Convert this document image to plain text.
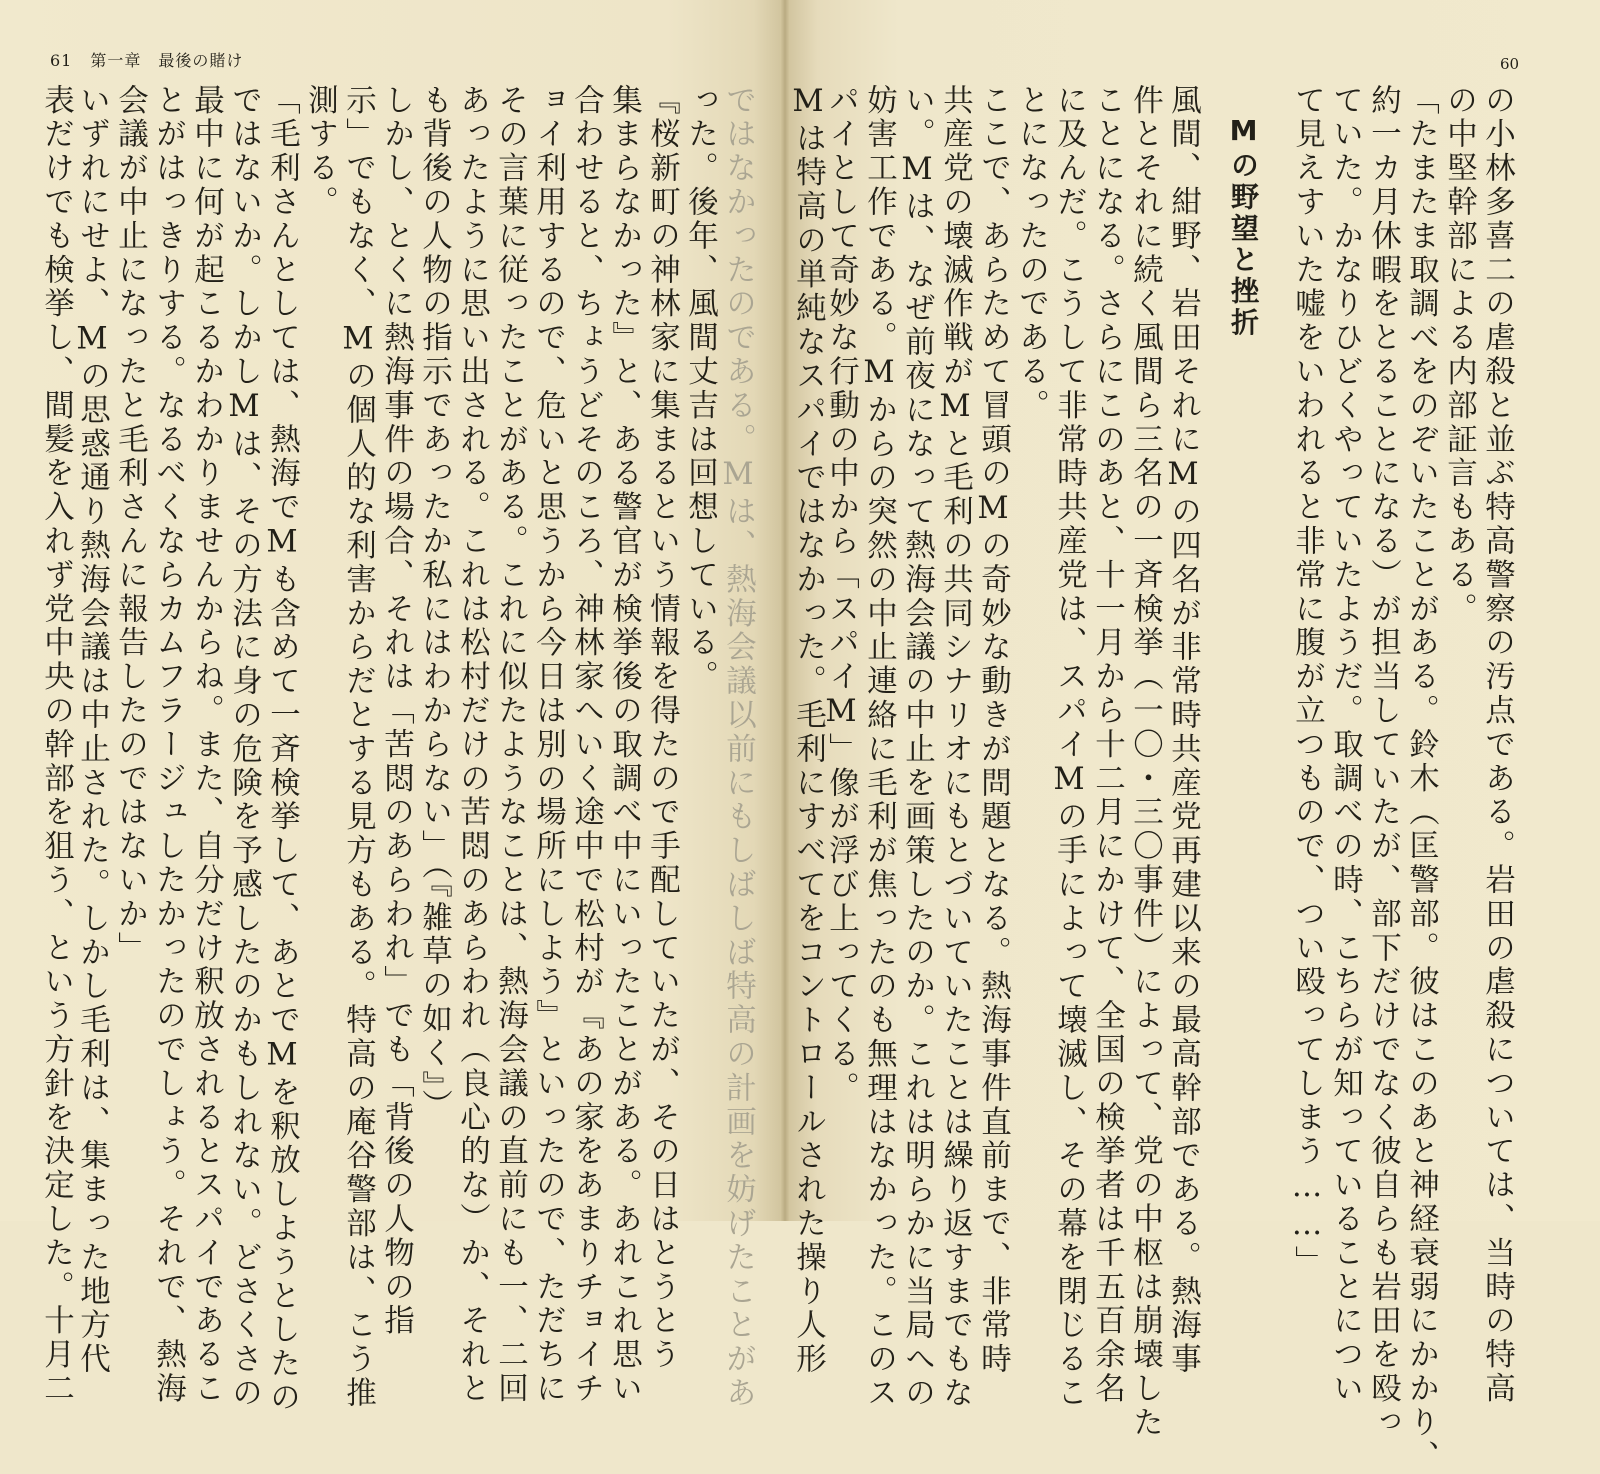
61 第一章　最後の賭け	60
の小林多喜二の虐殺と並ぶ特高警察の汚点である。岩田の虐殺については、当時の特高
の中堅幹部による内部証言もある。
「たまたま取調べをのぞいたことがある。鈴木（匡警部。彼はこのあと神経衰弱にかかり、
約一カ月休暇をとることになる）が担当していたが、部下だけでなく彼自らも岩田を殴っ
ていた。かなりひどくやっていたようだ。取調べの時、こちらが知っていることについ
て見えすいた嘘をいわれると非常に腹が立つもので、つい殴ってしまう……」
Mの野望と挫折
風間、紺野、岩田それにMの四名が非常時共産党再建以来の最高幹部である。熱海事
件とそれに続く風間ら三名の一斉検挙（一〇・三〇事件）によって、党の中枢は崩壊した
ことになる。さらにこのあと、十一月から十二月にかけて、全国の検挙者は千五百余名
に及んだ。こうして非常時共産党は、スパイMの手によって壊滅し、その幕を閉じるこ
とになったのである。
ここで、あらためて冒頭のMの奇妙な動きが問題となる。熱海事件直前まで、非常時
共産党の壊滅作戦がMと毛利の共同シナリオにもとづいていたことは繰り返すまでもな
い。Mは、なぜ前夜になって熱海会議の中止を画策したのか。これは明らかに当局への
妨害工作である。Mからの突然の中止連絡に毛利が焦ったのも無理はなかった。このス
パイとして奇妙な行動の中から「スパイM」像が浮び上ってくる。
Mは特高の単純なスパイではなかった。毛利にすべてをコントロールされた操り人形
ではなかったのである。Mは、熱海会議以前にもしばしば特高の計画を妨げたことがあ
った。後年、風間丈吉は回想している。
『桜新町の神林家に集まるという情報を得たので手配していたが、その日はとうとう
集まらなかった』と、ある警官が検挙後の取調べ中にいったことがある。あれこれ思い
合わせると、ちょうどそのころ、神林家へいく途中で松村が『あの家をあまりチョイチ
ョイ利用するので、危いと思うから今日は別の場所にしよう』といったので、ただちに
その言葉に従ったことがある。これに似たようなことは、熱海会議の直前にも一、二回
あったように思い出される。これは松村だけの苦悶のあらわれ（良心的な）か、それと
も背後の人物の指示であったか私にはわからない」（『雑草の如く』）
しかし、とくに熱海事件の場合、それは「苦悶のあらわれ」でも「背後の人物の指
示」でもなく、Mの個人的な利害からだとする見方もある。特高の庵谷警部は、こう推
測する。
「毛利さんとしては、熱海でMも含めて一斉検挙して、あとでMを釈放しようとしたの
ではないか。しかしMは、その方法に身の危険を予感したのかもしれない。どさくさの
最中に何が起こるかわかりませんからね。また、自分だけ釈放されるとスパイであるこ
とがはっきりする。なるべくならカムフラージュしたかったのでしょう。それで、熱海
会議が中止になったと毛利さんに報告したのではないか」
いずれにせよ、Mの思惑通り熱海会議は中止された。しかし毛利は、集まった地方代
表だけでも検挙し、間髪を入れず党中央の幹部を狙う、という方針を決定した。十月二
